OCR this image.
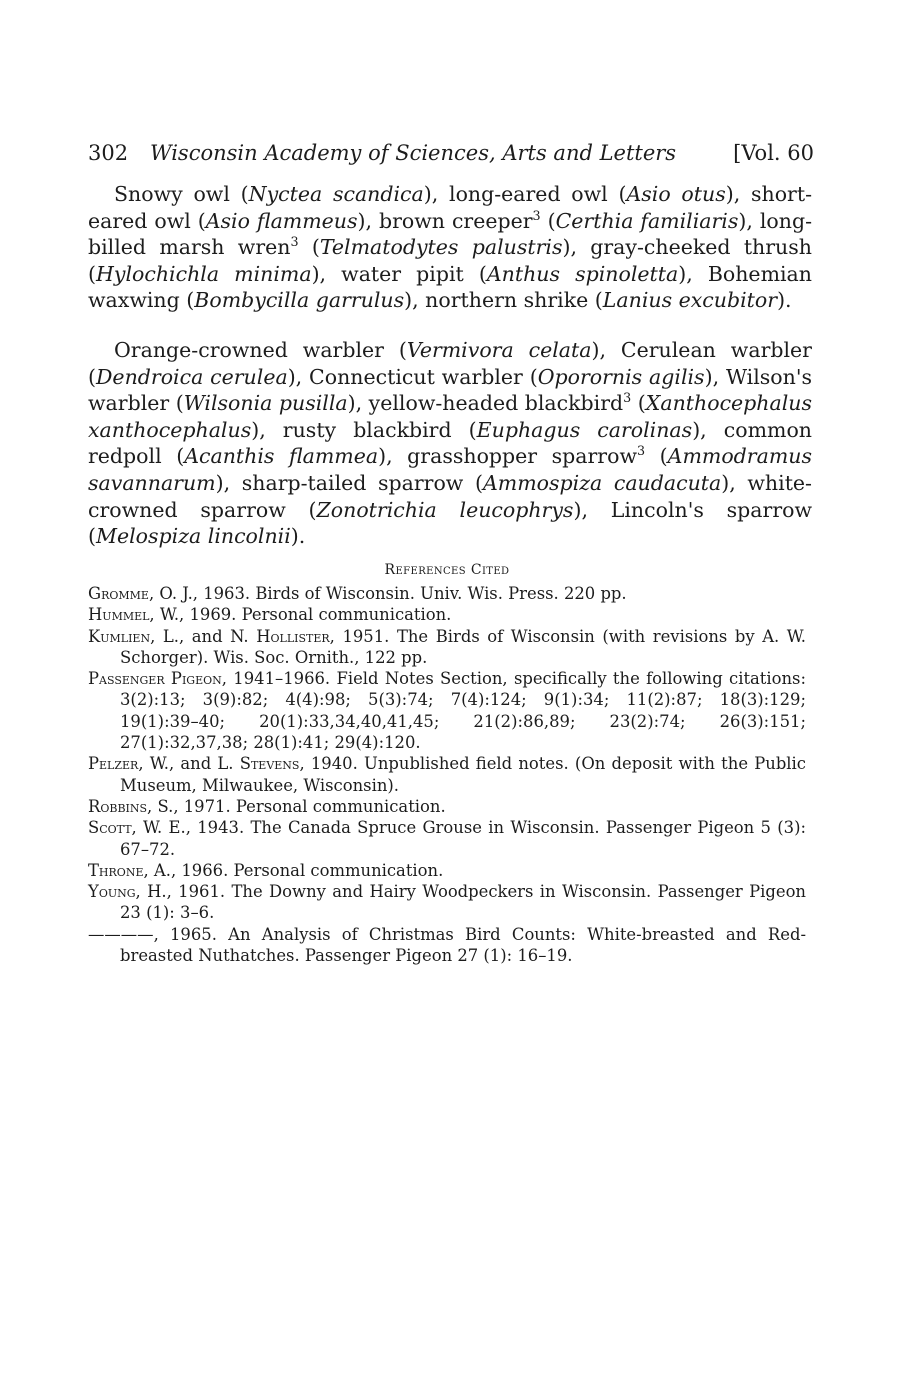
302 Wisconsin Academy of Sciences, Arts and Letters	[Vol. 60

Snowy owl (Nyctea scandica), long-eared owl (Asio otus), short-eared owl (Asio flammeus), brown creeper$^3$ (Certhia familiaris), long-billed marsh wren$^3$ (Telmatodytes palustris), gray-cheeked thrush (Hylochichla minima), water pipit (Anthus spinoletta), Bohemian waxwing (Bombycilla garrulus), northern shrike (Lanius excubitor).

Orange-crowned warbler (Vermivora celata), Cerulean warbler (Dendroica cerulea), Connecticut warbler (Oporornis agilis), Wilson's warbler (Wilsonia pusilla), yellow-headed blackbird$^3$ (Xanthocephalus xanthocephalus), rusty blackbird (Euphagus carolinas), common redpoll (Acanthis flammea), grasshopper sparrow$^3$ (Ammodramus savannarum), sharp-tailed sparrow (Ammospiza caudacuta), white-crowned sparrow (Zonotrichia leucophrys), Lincoln's sparrow (Melospiza lincolnii).

References Cited

Gromme, O. J., 1963. Birds of Wisconsin. Univ. Wis. Press. 220 pp.

Hummel, W., 1969. Personal communication.

Kumlien, L., and N. Hollister, 1951. The Birds of Wisconsin (with revisions by A. W. Schorger). Wis. Soc. Ornith., 122 pp.

Passenger Pigeon, 1941–1966. Field Notes Section, specifically the following citations: 3(2):13; 3(9):82; 4(4):98; 5(3):74; 7(4):124; 9(1):34; 11(2):87; 18(3):129; 19(1):39–40; 20(1):33,34,40,41,45; 21(2):86,89; 23(2):74; 26(3):151; 27(1):32,37,38; 28(1):41; 29(4):120.

Pelzer, W., and L. Stevens, 1940. Unpublished field notes. (On deposit with the Public Museum, Milwaukee, Wisconsin).

Robbins, S., 1971. Personal communication.

Scott, W. E., 1943. The Canada Spruce Grouse in Wisconsin. Passenger Pigeon 5 (3): 67–72.

Throne, A., 1966. Personal communication.

Young, H., 1961. The Downy and Hairy Woodpeckers in Wisconsin. Passenger Pigeon 23 (1): 3–6.

————, 1965. An Analysis of Christmas Bird Counts: White-breasted and Red-breasted Nuthatches. Passenger Pigeon 27 (1): 16–19.
